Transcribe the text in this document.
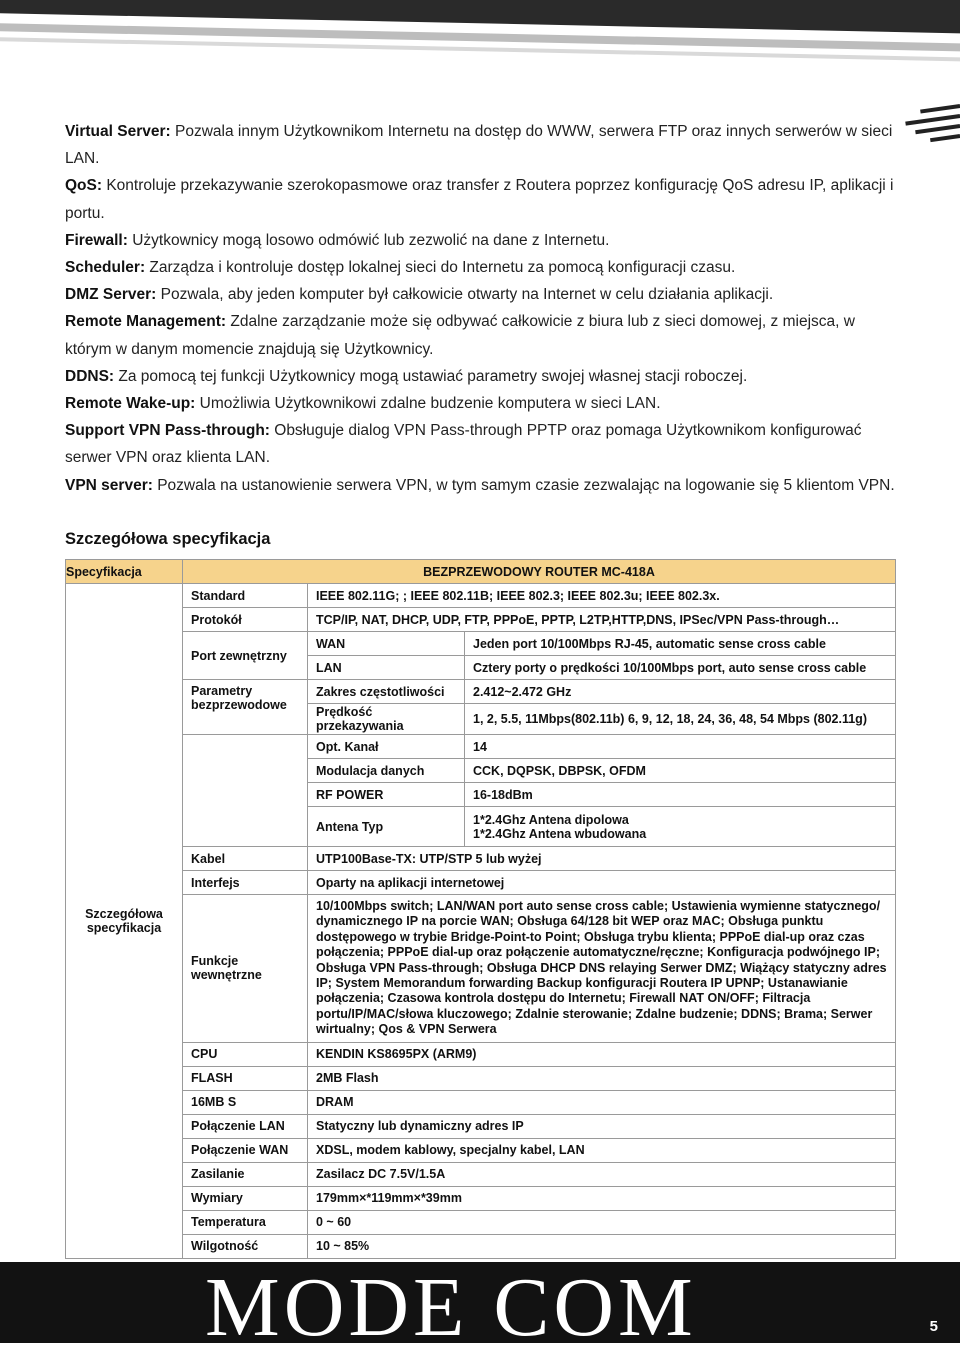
Virtual Server: Pozwala innym Użytkownikom Internetu na dostęp do WWW, serwera FTP oraz innych serwerów w sieci LAN.

QoS: Kontroluje przekazywanie szerokopasmowe oraz transfer z Routera poprzez konfigurację QoS adresu IP, aplikacji i portu.

Firewall: Użytkownicy mogą losowo odmówić lub zezwolić na dane z Internetu.

Scheduler: Zarządza i kontroluje dostęp lokalnej sieci do Internetu za pomocą konfiguracji czasu.

DMZ Server: Pozwala, aby jeden komputer był całkowicie otwarty na Internet w celu działania aplikacji.

Remote Management: Zdalne zarządzanie może się odbywać całkowicie z biura lub z sieci domowej, z miejsca, w którym w danym momencie znajdują się Użytkownicy.

DDNS: Za pomocą tej funkcji Użytkownicy mogą ustawiać parametry swojej własnej stacji roboczej.

Remote Wake-up: Umożliwia Użytkownikowi zdalne budzenie komputera w sieci LAN.

Support VPN Pass-through: Obsługuje dialog VPN Pass-through PPTP oraz pomaga Użytkownikom konfigurować serwer VPN oraz klienta LAN.

VPN server: Pozwala na ustanowienie serwera VPN, w tym samym czasie zezwalając na logowanie się 5 klientom VPN.

Szczegółowa specyfikacja
Specyfikacja	BEZPRZEWODOWY ROUTER MC-418A		
Szczegółowa specyfikacja	Standard	IEEE 802.11G; ; IEEE 802.11B; IEEE 802.3; IEEE 802.3u; IEEE 802.3x.	
	Protokół	TCP/IP, NAT, DHCP, UDP, FTP, PPPoE, PPTP, L2TP,HTTP,DNS, IPSec/VPN Pass-through…	
	Port zewnętrzny	WAN	Jeden port 10/100Mbps RJ-45, automatic sense cross cable
		LAN	Cztery porty o prędkości 10/100Mbps port, auto sense cross cable
	Parametry bezprzewodowe	Zakres częstotliwości	2.412~2.472 GHz
		Prędkość przekazywania	1, 2, 5.5, 11Mbps(802.11b) 6, 9, 12, 18, 24, 36, 48, 54 Mbps (802.11g)
		Opt. Kanał	14
		Modulacja danych	CCK, DQPSK, DBPSK, OFDM
		RF POWER	16-18dBm
		Antena Typ	1*2.4Ghz Antena dipolowa
1*2.4Ghz Antena wbudowana

	Kabel	UTP100Base-TX: UTP/STP 5 lub wyżej	
	Interfejs	Oparty na aplikacji internetowej	
	Funkcje wewnętrzne	10/100Mbps switch; LAN/WAN port auto sense cross cable; Ustawienia wymienne statycznego/ dynamicznego IP na porcie WAN; Obsługa 64/128 bit WEP oraz MAC; Obsługa punktu dostępowego w trybie Bridge-Point-to Point; Obsługa trybu klienta; PPPoE dial-up oraz czas połączenia; PPPoE dial-up oraz połączenie automatyczne/ręczne; Konfiguracja podwójnego IP; Obsługa VPN Pass-through; Obsługa DHCP DNS relaying Serwer DMZ; Wiążący statyczny adres IP; System Memorandum forwarding Backup konfiguracji Routera IP UPNP; Ustanawianie połączenia; Czasowa kontrola dostępu do Internetu; Firewall NAT ON/OFF; Filtracja portu/IP/MAC/słowa kluczowego; Zdalnie sterowanie; Zdalne budzenie; DDNS; Brama; Serwer wirtualny; Qos & VPN Serwera	
	CPU	KENDIN KS8695PX (ARM9)	
	FLASH	2MB Flash	
	16MB S	DRAM	
	Połączenie LAN	Statyczny lub dynamiczny adres IP	
	Połączenie WAN	XDSL, modem kablowy, specjalny kabel, LAN	
	Zasilanie	Zasilacz DC 7.5V/1.5A	
	Wymiary	179mm×*119mm×*39mm	
	Temperatura	0 ~ 60	
	Wilgotność	10 ~ 85%	
MODE COM	5
